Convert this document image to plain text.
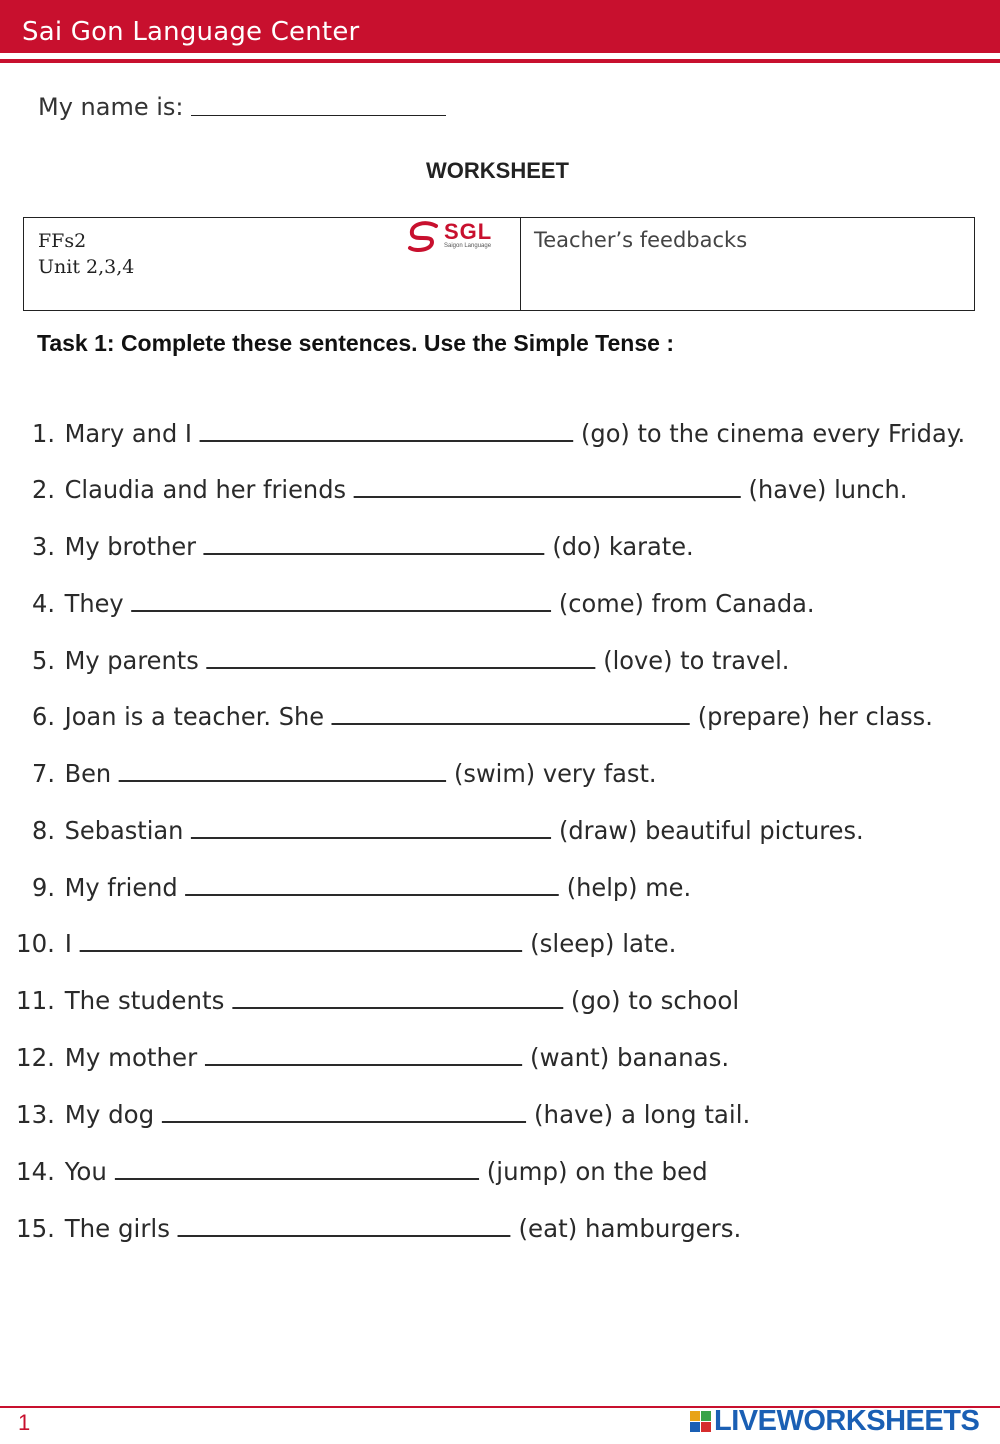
Sai Gon Language Center
My name is:
WORKSHEET
FFs2
Unit 2,3,4
SGL
Saigon Language Teacher’s feedbacks
Task 1: Complete these sentences. Use the Simple Tense :
1. Mary and I	(go) to the cinema every Friday.
2. Claudia and her friends	(have) lunch.
3. My brother	(do) karate.
4. They	(come) from Canada.
5. My parents	(love) to travel.
6. Joan is a teacher. She	(prepare) her class.
7. Ben	(swim) very fast.
8. Sebastian	(draw) beautiful pictures.
9. My friend	(help) me.
10. I	(sleep) late.
11. The students	(go) to school
12. My mother	(want) bananas.
13. My dog	(have) a long tail.
14. You	(jump) on the bed
15. The girls	(eat) hamburgers.
1	LIVEWORKSHEETS
